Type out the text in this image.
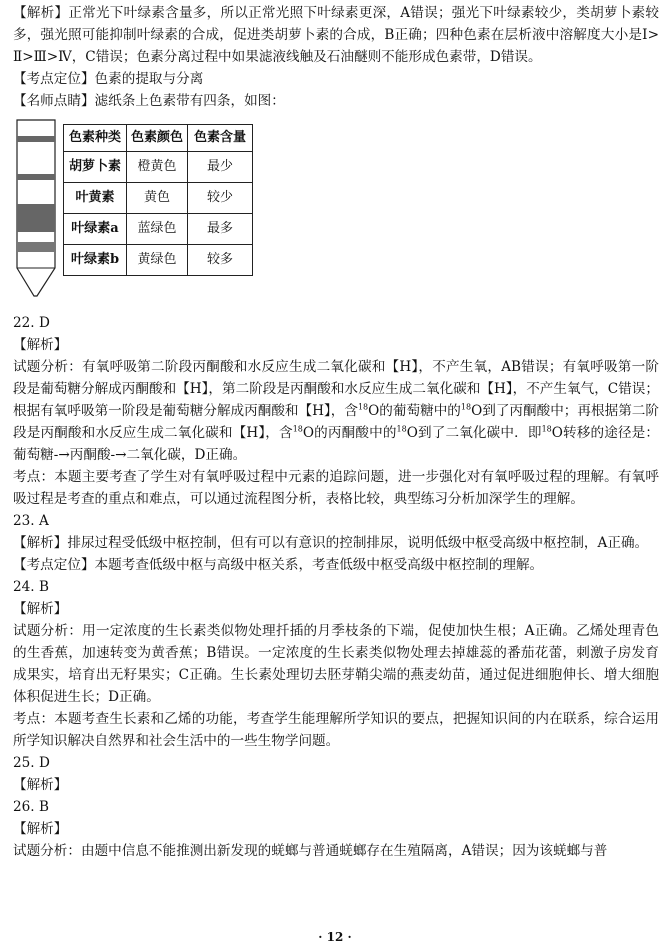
【解析】正常光下叶绿素含量多，所以正常光照下叶绿素更深，A错误；强光下叶绿素较少，类胡萝卜素较多，强光照可能抑制叶绿素的合成，促进类胡萝卜素的合成，B正确；四种色素在层析液中溶解度大小是Ⅰ>Ⅱ>Ⅲ>Ⅳ，C错误；色素分离过程中如果滤液线触及石油醚则不能形成色素带，D错误。

【考点定位】色素的提取与分离

【名师点睛】滤纸条上色素带有四条，如图：

色素种类	色素颜色	色素含量
胡萝卜素	橙黄色	最少
叶黄素	黄色	较少
叶绿素a	蓝绿色	最多
叶绿素b	黄绿色	较多

22. D

【解析】

试题分析：有氧呼吸第二阶段丙酮酸和水反应生成二氧化碳和【H】，不产生氧，AB错误；有氧呼吸第一阶段是葡萄糖分解成丙酮酸和【H】，第二阶段是丙酮酸和水反应生成二氧化碳和【H】，不产生氧气，C错误；根据有氧呼吸第一阶段是葡萄糖分解成丙酮酸和【H】，含$^{18}$O的葡萄糖中的$^{18}$O到了丙酮酸中；再根据第二阶段是丙酮酸和水反应生成二氧化碳和【H】，含$^{18}$O的丙酮酸中的$^{18}$O到了二氧化碳中．即$^{18}$O转移的途径是：葡萄糖-→丙酮酸-→二氧化碳，D正确。

考点：本题主要考查了学生对有氧呼吸过程中元素的追踪问题，进一步强化对有氧呼吸过程的理解。有氧呼吸过程是考查的重点和难点，可以通过流程图分析，表格比较，典型练习分析加深学生的理解。

23. A

【解析】排尿过程受低级中枢控制，但有可以有意识的控制排尿，说明低级中枢受高级中枢控制，A正确。

【考点定位】本题考查低级中枢与高级中枢关系，考查低级中枢受高级中枢控制的理解。

24. B

【解析】

试题分析：用一定浓度的生长素类似物处理扦插的月季枝条的下端，促使加快生根；A正确。乙烯处理青色的生香蕉，加速转变为黄香蕉；B错误。一定浓度的生长素类似物处理去掉雄蕊的番茄花蕾，刺激子房发育成果实，培育出无籽果实；C正确。生长素处理切去胚芽鞘尖端的燕麦幼苗，通过促进细胞伸长、增大细胞体积促进生长；D正确。

考点：本题考查生长素和乙烯的功能，考查学生能理解所学知识的要点，把握知识间的内在联系，综合运用所学知识解决自然界和社会生活中的一些生物学问题。

25. D

【解析】

26. B

【解析】

试题分析：由题中信息不能推测出新发现的蜣螂与普通蜣螂存在生殖隔离，A错误；因为该蜣螂与普

· 12 ·
